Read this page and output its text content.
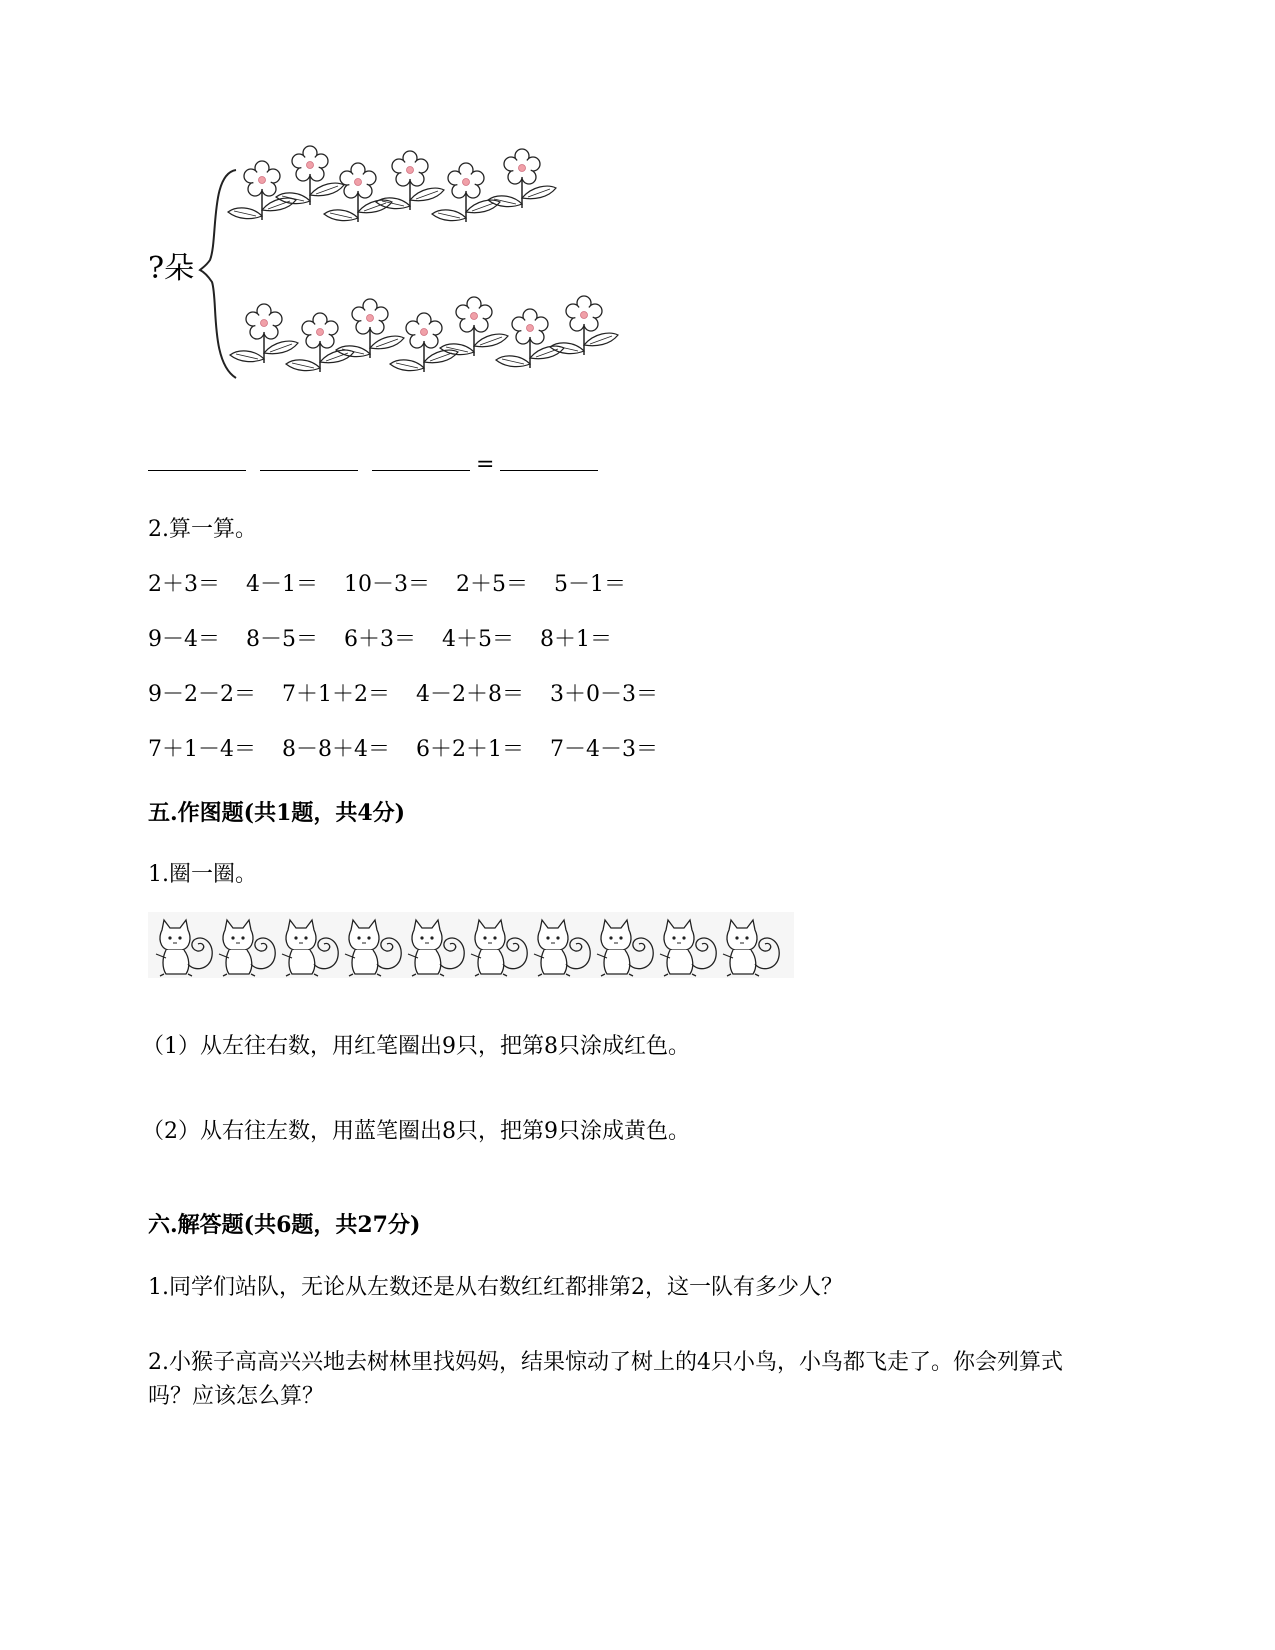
?朵
=

2.算一算。

2＋3＝ 4－1＝ 10－3＝ 2＋5＝ 5－1＝
9－4＝ 8－5＝ 6＋3＝ 4＋5＝ 8＋1＝
9－2－2＝ 7＋1＋2＝ 4－2＋8＝ 3＋0－3＝
7＋1－4＝ 8－8＋4＝ 6＋2＋1＝ 7－4－3＝

五.作图题(共1题，共4分)

1.圈一圈。

（1）从左往右数，用红笔圈出9只，把第8只涂成红色。

（2）从右往左数，用蓝笔圈出8只，把第9只涂成黄色。

六.解答题(共6题，共27分)

1.同学们站队，无论从左数还是从右数红红都排第2，这一队有多少人？

2.小猴子高高兴兴地去树林里找妈妈，结果惊动了树上的4只小鸟，小鸟都飞走了。你会列算式吗？应该怎么算？
